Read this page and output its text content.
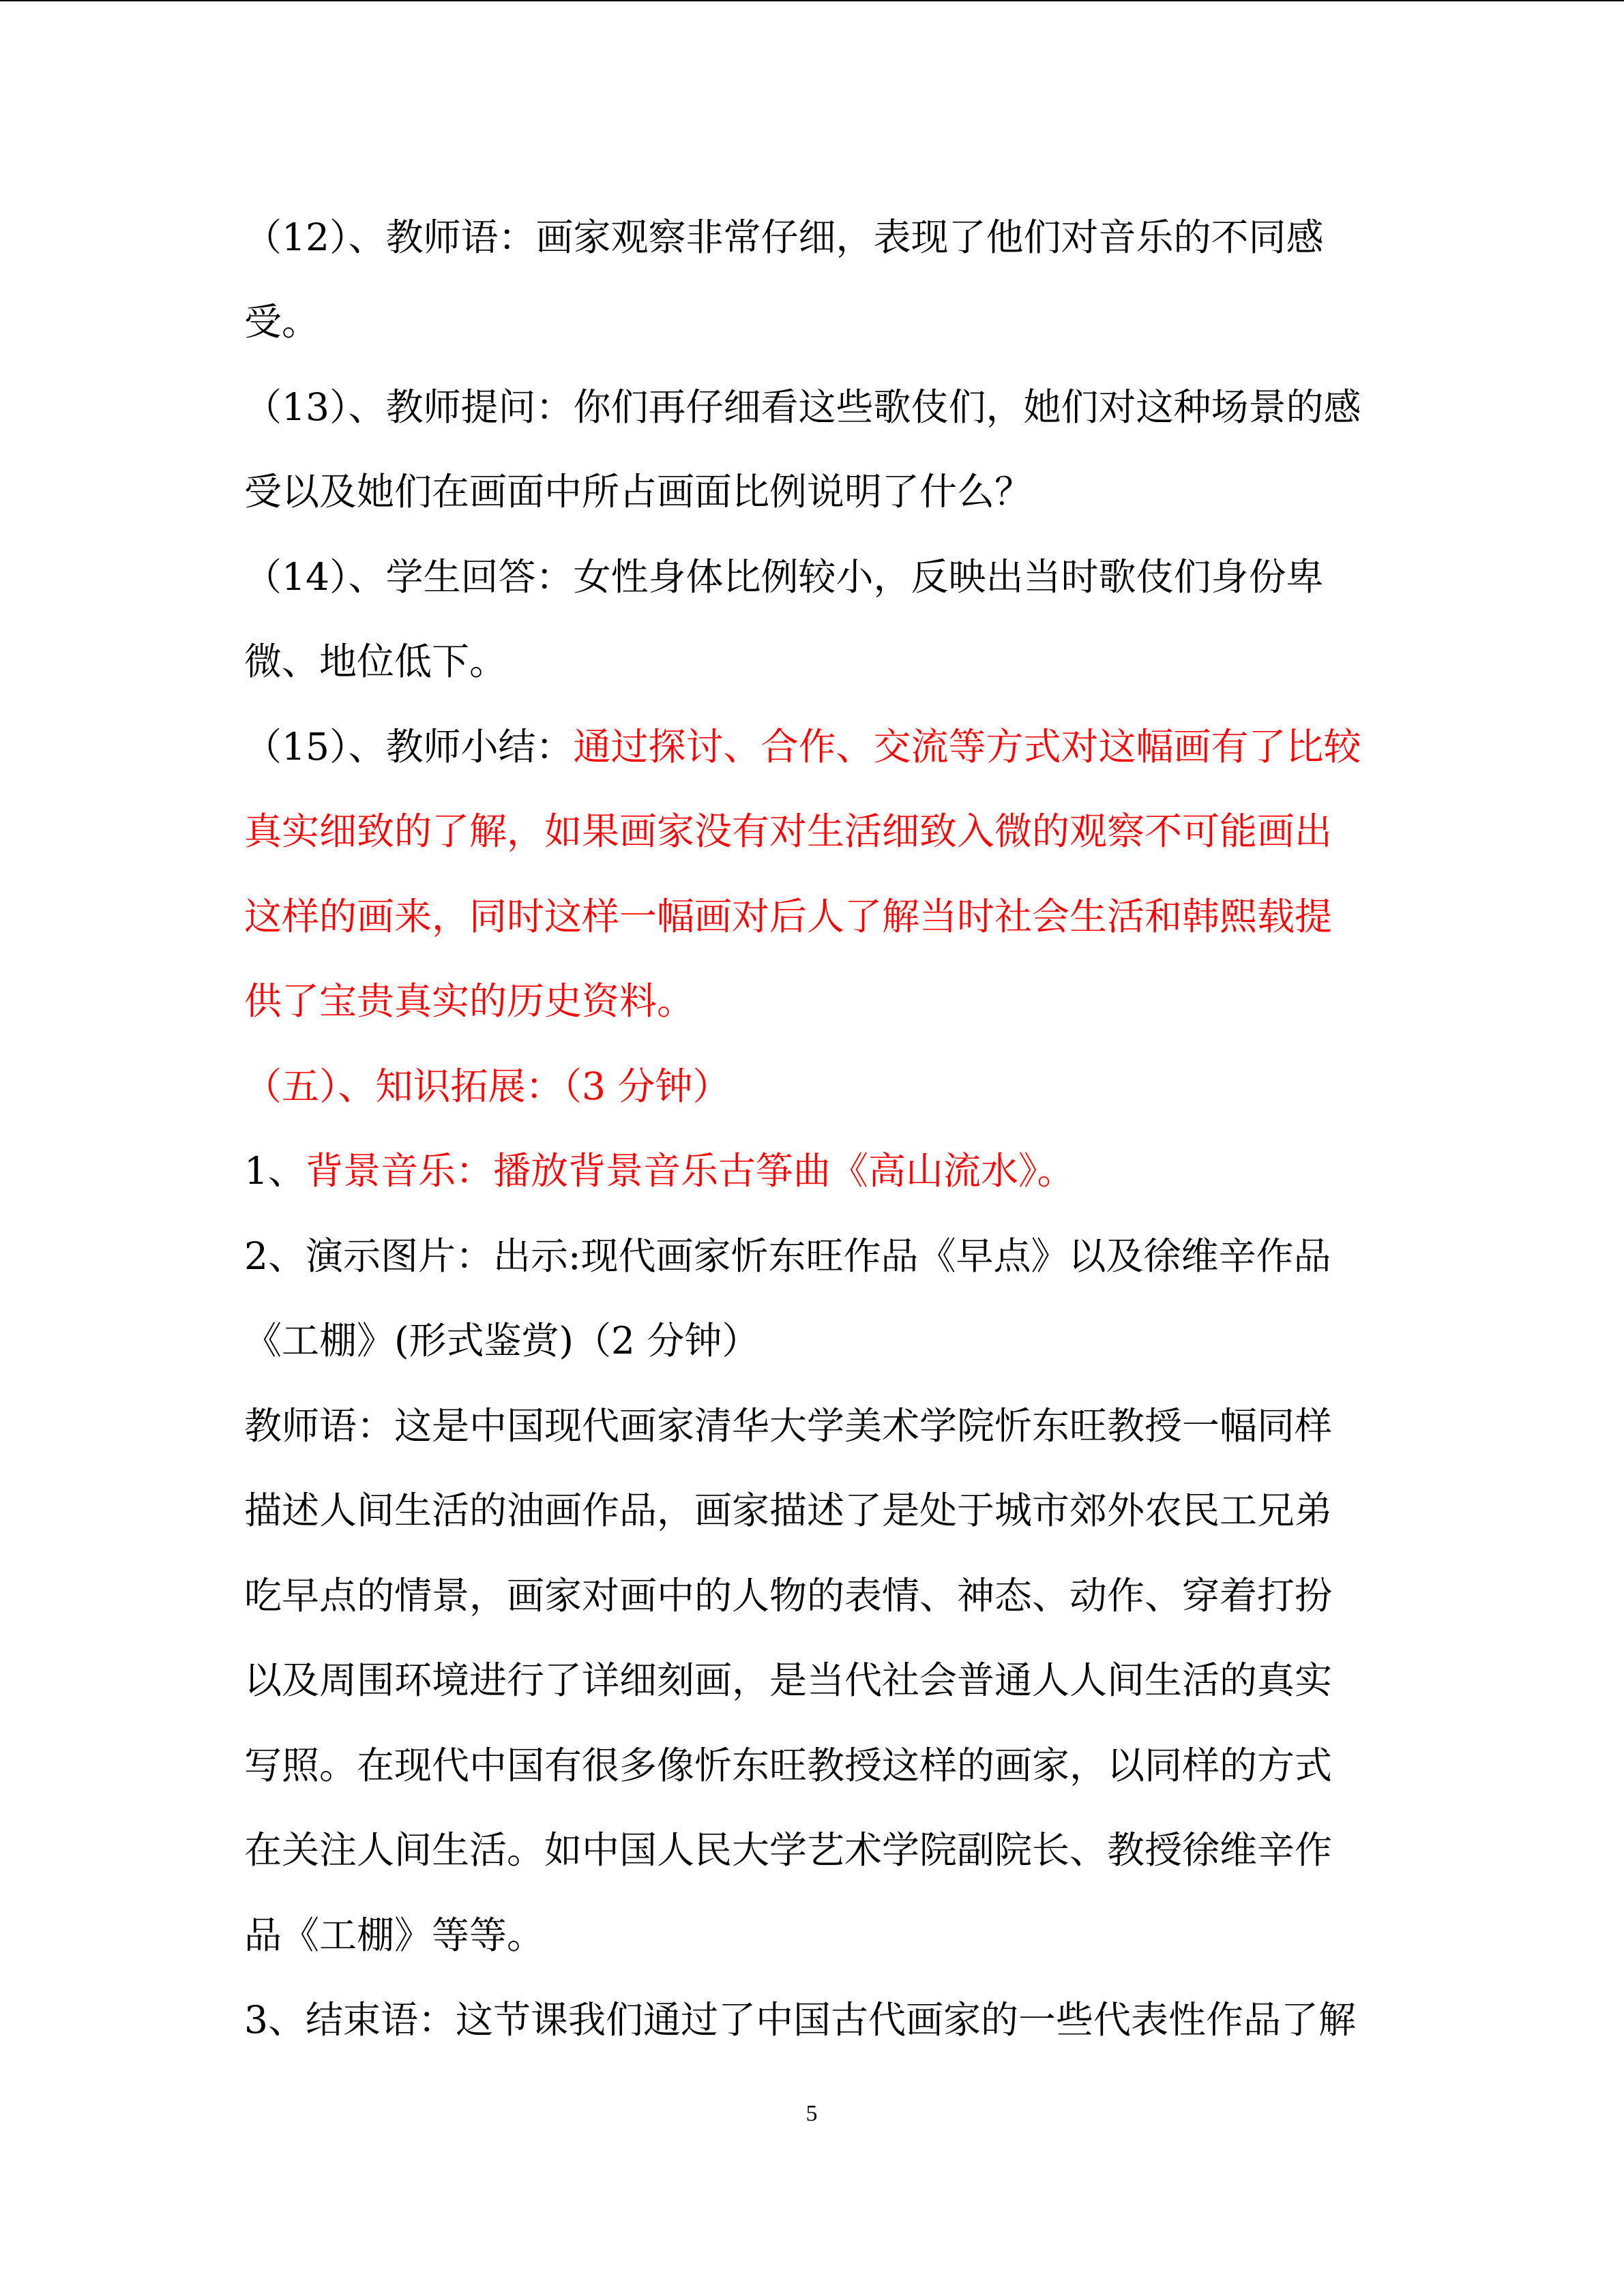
（12）、教师语：画家观察非常仔细，表现了他们对音乐的不同感
受。
（13）、教师提问：你们再仔细看这些歌伎们，她们对这种场景的感
受以及她们在画面中所占画面比例说明了什么？
（14）、学生回答：女性身体比例较小，反映出当时歌伎们身份卑
微、地位低下。
（15）、教师小结：通过探讨、合作、交流等方式对这幅画有了比较
真实细致的了解，如果画家没有对生活细致入微的观察不可能画出
这样的画来，同时这样一幅画对后人了解当时社会生活和韩熙载提
供了宝贵真实的历史资料。
（五）、知识拓展：（3 分钟）
1、背景音乐：播放背景音乐古筝曲《高山流水》。
2、演示图片：出示:现代画家忻东旺作品《早点》以及徐维辛作品
《工棚》(形式鉴赏)（2 分钟）
教师语：这是中国现代画家清华大学美术学院忻东旺教授一幅同样
描述人间生活的油画作品，画家描述了是处于城市郊外农民工兄弟
吃早点的情景，画家对画中的人物的表情、神态、动作、穿着打扮
以及周围环境进行了详细刻画，是当代社会普通人人间生活的真实
写照。在现代中国有很多像忻东旺教授这样的画家，以同样的方式
在关注人间生活。如中国人民大学艺术学院副院长、教授徐维辛作
品《工棚》等等。
3、结束语：这节课我们通过了中国古代画家的一些代表性作品了解
5
